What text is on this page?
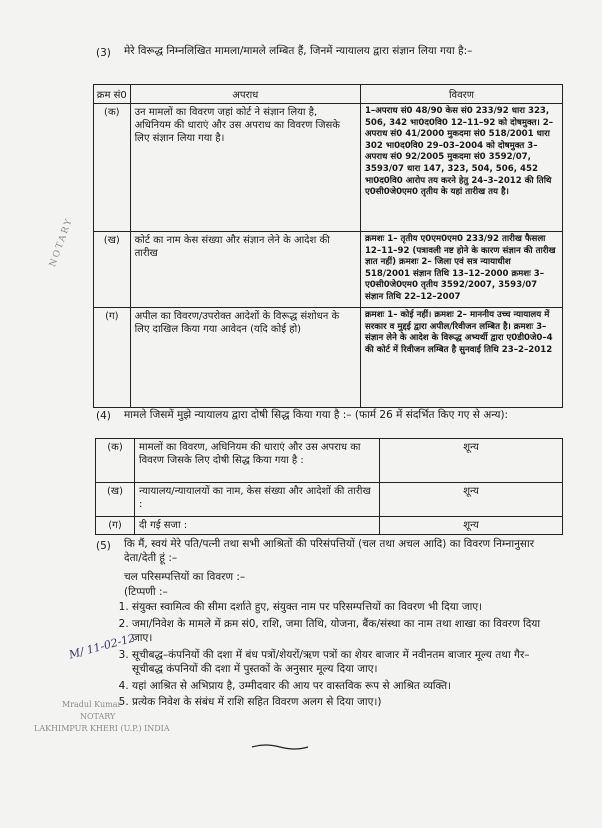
(3) मेरे विरूद्ध निम्नलिखित मामला/मामले लम्बित हैं, जिनमें न्यायालय द्वारा संज्ञान लिया गया है:–
क्रम सं0	अपराध	विवरण
(क)	उन मामलों का विवरण जहां कोर्ट ने संज्ञान लिया है, अधिनियम की धाराएं और उस अपराध का विवरण जिसके लिए संज्ञान लिया गया है।	1–अपराध सं0 48/90 केस सं0 233/92 धारा 323, 506, 342 भा0द0वि0 12–11–92 को दोषमुक्त। 2– अपराध सं0 41/2000 मुकदमा सं0 518/2001 धारा 302 भा0द0वि0 29–03–2004 को दोषमुक्त 3– अपराध सं0 92/2005 मुकदमा सं0 3592/07, 3593/07 धारा 147, 323, 504, 506, 452 भा0द0वि0 आरोप तय करने हेतु 24–3–2012 की तिथि ए0सी0जे0एम0 तृतीय के यहां तारीख तय है।
(ख)	कोर्ट का नाम केस संख्या और संज्ञान लेने के आदेश की तारीख	क्रमशः 1– तृतीय ए0एम0एम0 233/92 तारीख फैसला 12–11–92 (पत्रावली नष्ट होने के कारण संज्ञान की तारीख ज्ञात नहीं) क्रमशः 2– जिला एवं सत्र न्यायाधीश 518/2001 संज्ञान तिथि 13–12–2000 क्रमशः 3– ए0सी0जे0एम0 तृतीय 3592/2007, 3593/07 संज्ञान तिथि 22–12–2007
(ग)	अपील का विवरण/उपरोक्त आदेशों के विरूद्ध संशोधन के लिए दाखिल किया गया आवेदन (यदि कोई हो)	क्रमशः 1– कोई नहीं। क्रमशः 2– माननीय उच्च न्यायालय में सरकार व मुद्दई द्वारा अपील/रिवीजन लम्बित है। क्रमशः 3– संज्ञान लेने के आदेश के विरूद्ध अभ्यर्थी द्वारा ए0डी0जे0–4 की कोर्ट में रिवीजन लम्बित है सुनवाई तिथि 23–2–2012
(4) मामले जिसमें मुझे न्यायालय द्वारा दोषी सिद्ध किया गया है :– (फार्म 26 में संदर्भित किए गए से अन्य):
(क)	मामलों का विवरण, अधिनियम की धाराएं और उस अपराध का विवरण जिसके लिए दोषी सिद्ध किया गया है :	शून्य
(ख)	न्यायालय/न्यायालयों का नाम, केस संख्या और आदेशों की तारीख :	शून्य
(ग)	दी गई सजा :	शून्य
(5) कि मैं, स्वयं मेरे पति/पत्नी तथा सभी आश्रितों की परिसंपत्तियों (चल तथा अचल आदि) का विवरण निम्नानुसार देता/देती हूं :–
चल परिसम्पत्तियों का विवरण :–
(टिप्पणी :–
1. संयुक्त स्वामित्व की सीमा दर्शाते हुए, संयुक्त नाम पर परिसम्पत्तियों का विवरण भी दिया जाए।
2. जमा/निवेश के मामले में क्रम सं0, राशि, जमा तिथि, योजना, बैंक/संस्था का नाम तथा शाखा का विवरण दिया जाए।
3. सूचीबद्ध–कंपनियों की दशा में बंध पत्रों/शेयरों/ऋण पत्रों का शेयर बाजार में नवीनतम बाजार मूल्य तथा गैर–सूचीबद्ध कंपनियों की दशा में पुस्तकों के अनुसार मूल्य दिया जाए।
4. यहां आश्रित से अभिप्राय है, उम्मीदवार की आय पर वास्तविक रूप से आश्रित व्यक्ति।
5. प्रत्येक निवेश के संबंध में राशि सहित विवरण अलग से दिया जाए।)
NOTARY
M/ 11-02-12
Mradul Kumar
NOTARY
LAKHIMPUR KHERI (U.P.) INDIA
